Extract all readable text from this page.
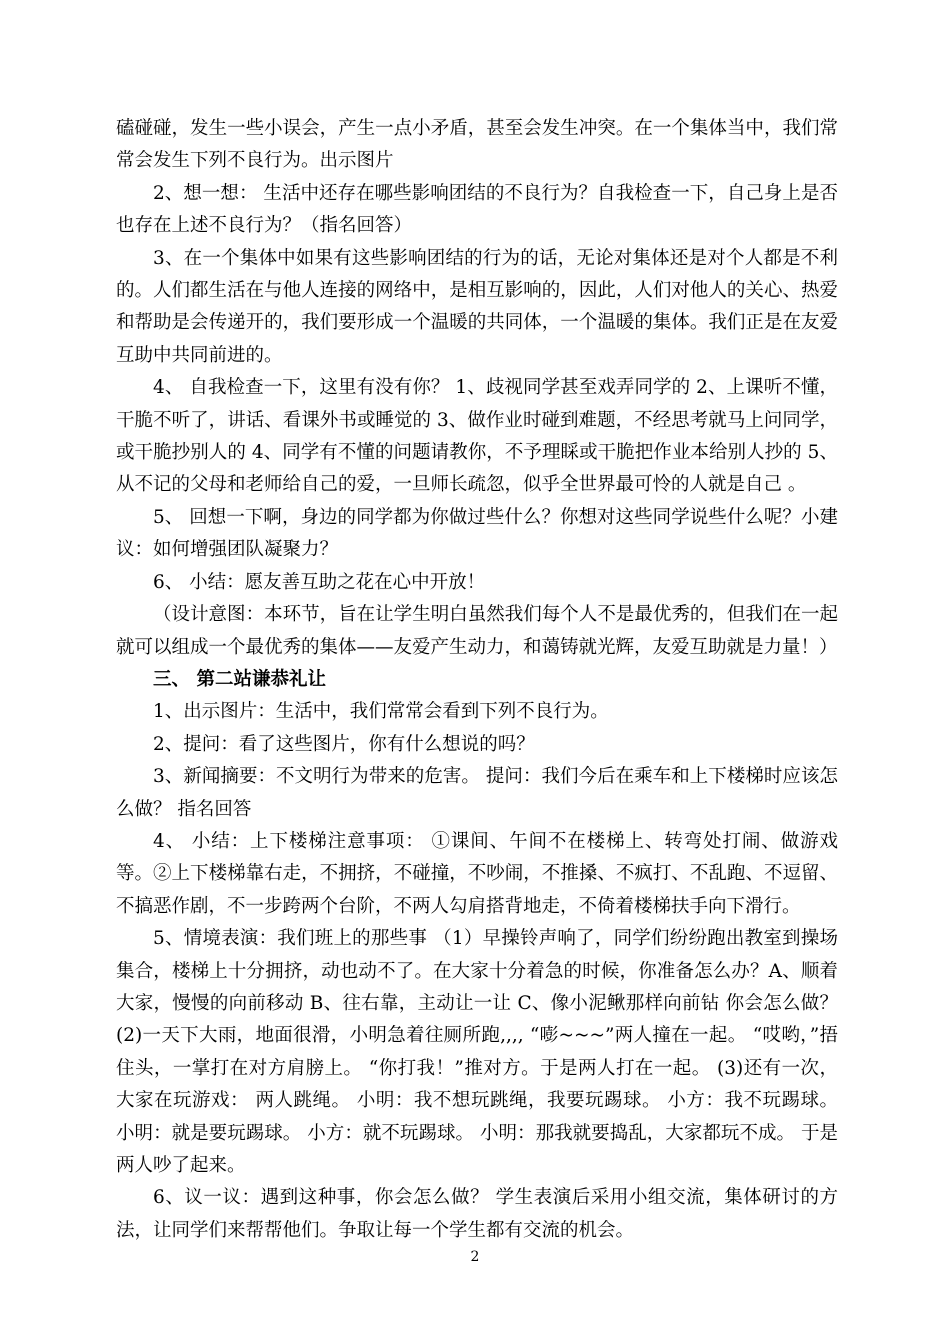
磕碰碰，发生一些小误会，产生一点小矛盾，甚至会发生冲突。在一个集体当中，我们常常会发生下列不良行为。出示图片

2、想一想： 生活中还存在哪些影响团结的不良行为？自我检查一下，自己身上是否也存在上述不良行为？（指名回答）

3、在一个集体中如果有这些影响团结的行为的话，无论对集体还是对个人都是不利的。人们都生活在与他人连接的网络中，是相互影响的，因此，人们对他人的关心、热爱和帮助是会传递开的，我们要形成一个温暖的共同体，一个温暖的集体。我们正是在友爱互助中共同前进的。

4、 自我检查一下，这里有没有你？ 1、歧视同学甚至戏弄同学的 2、上课听不懂，干脆不听了，讲话、看课外书或睡觉的 3、做作业时碰到难题，不经思考就马上问同学，或干脆抄别人的 4、同学有不懂的问题请教你，不予理睬或干脆把作业本给别人抄的 5、从不记的父母和老师给自己的爱，一旦师长疏忽，似乎全世界最可怜的人就是自己 。

5、 回想一下啊，身边的同学都为你做过些什么？你想对这些同学说些什么呢？小建议：如何增强团队凝聚力？

6、 小结：愿友善互助之花在心中开放！

（设计意图：本环节，旨在让学生明白虽然我们每个人不是最优秀的，但我们在一起就可以组成一个最优秀的集体——友爱产生动力，和蔼铸就光辉，友爱互助就是力量！）

三、 第二站谦恭礼让

1、出示图片：生活中，我们常常会看到下列不良行为。

2、提问：看了这些图片，你有什么想说的吗？

3、新闻摘要：不文明行为带来的危害。 提问：我们今后在乘车和上下楼梯时应该怎么做？ 指名回答

4、 小结：上下楼梯注意事项： ①课间、午间不在楼梯上、转弯处打闹、做游戏等。②上下楼梯靠右走，不拥挤，不碰撞，不吵闹，不推搡、不疯打、不乱跑、不逗留、不搞恶作剧，不一步跨两个台阶，不两人勾肩搭背地走，不倚着楼梯扶手向下滑行。

5、情境表演：我们班上的那些事 （1）早操铃声响了，同学们纷纷跑出教室到操场集合，楼梯上十分拥挤，动也动不了。在大家十分着急的时候，你准备怎么办？A、顺着大家，慢慢的向前移动 B、往右靠，主动让一让 C、像小泥鳅那样向前钻 你会怎么做？ (2)一天下大雨，地面很滑，小明急着往厕所跑,,,, “嘭~~~”两人撞在一起。 “哎哟，”捂住头，一掌打在对方肩膀上。 “你打我！”推对方。于是两人打在一起。 (3)还有一次，大家在玩游戏： 两人跳绳。 小明：我不想玩跳绳，我要玩踢球。 小方：我不玩踢球。 小明：就是要玩踢球。 小方：就不玩踢球。 小明：那我就要捣乱，大家都玩不成。 于是两人吵了起来。

6、议一议：遇到这种事，你会怎么做？ 学生表演后采用小组交流，集体研讨的方法，让同学们来帮帮他们。争取让每一个学生都有交流的机会。

2
